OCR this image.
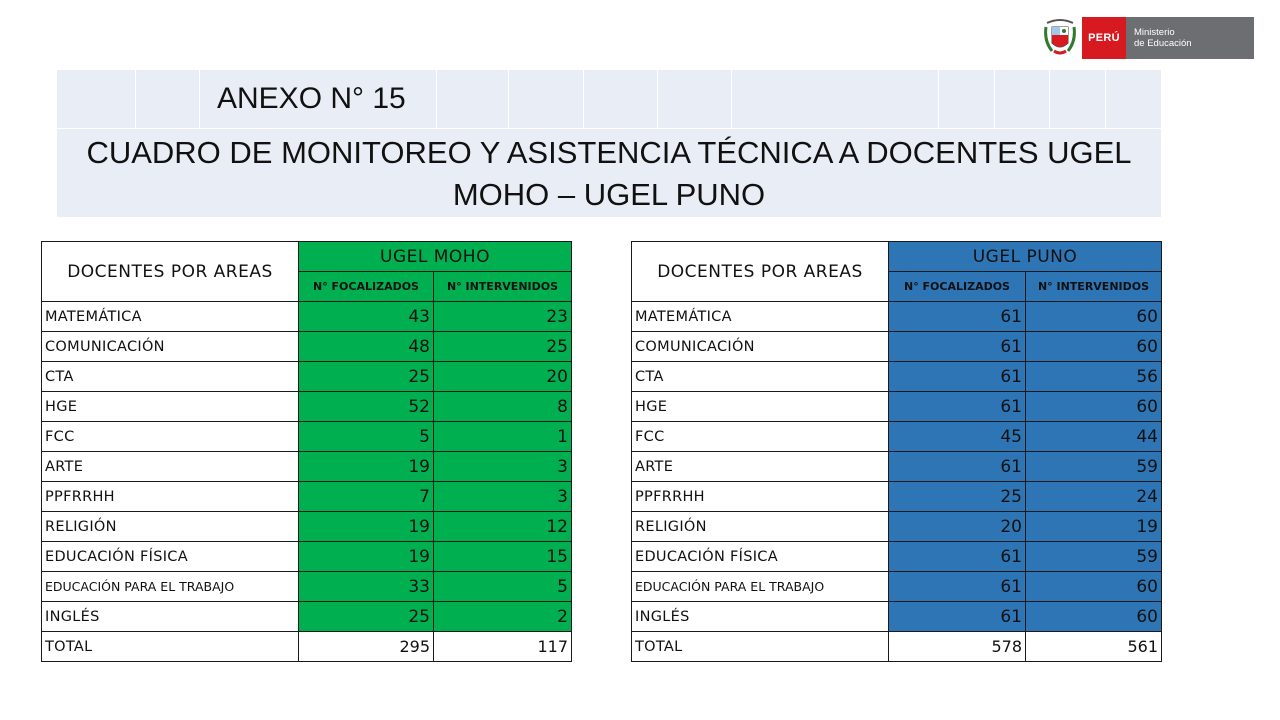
PERÚ	Ministerio
de Educación
ANEXO N° 15
CUADRO DE MONITOREO Y ASISTENCIA TÉCNICA A DOCENTES UGEL
MOHO – UGEL PUNO
DOCENTES POR AREAS	UGEL MOHO	
	N° FOCALIZADOS	N° INTERVENIDOS
MATEMÁTICA	43	23
COMUNICACIÓN	48	25
CTA	25	20
HGE	52	8
FCC	5	1
ARTE	19	3
PPFRRHH	7	3
RELIGIÓN	19	12
EDUCACIÓN FÍSICA	19	15
EDUCACIÓN PARA EL TRABAJO	33	5
INGLÉS	25	2
TOTAL	295	117
DOCENTES POR AREAS	UGEL PUNO	
	N° FOCALIZADOS	N° INTERVENIDOS
MATEMÁTICA	61	60
COMUNICACIÓN	61	60
CTA	61	56
HGE	61	60
FCC	45	44
ARTE	61	59
PPFRRHH	25	24
RELIGIÓN	20	19
EDUCACIÓN FÍSICA	61	59
EDUCACIÓN PARA EL TRABAJO	61	60
INGLÉS	61	60
TOTAL	578	561
